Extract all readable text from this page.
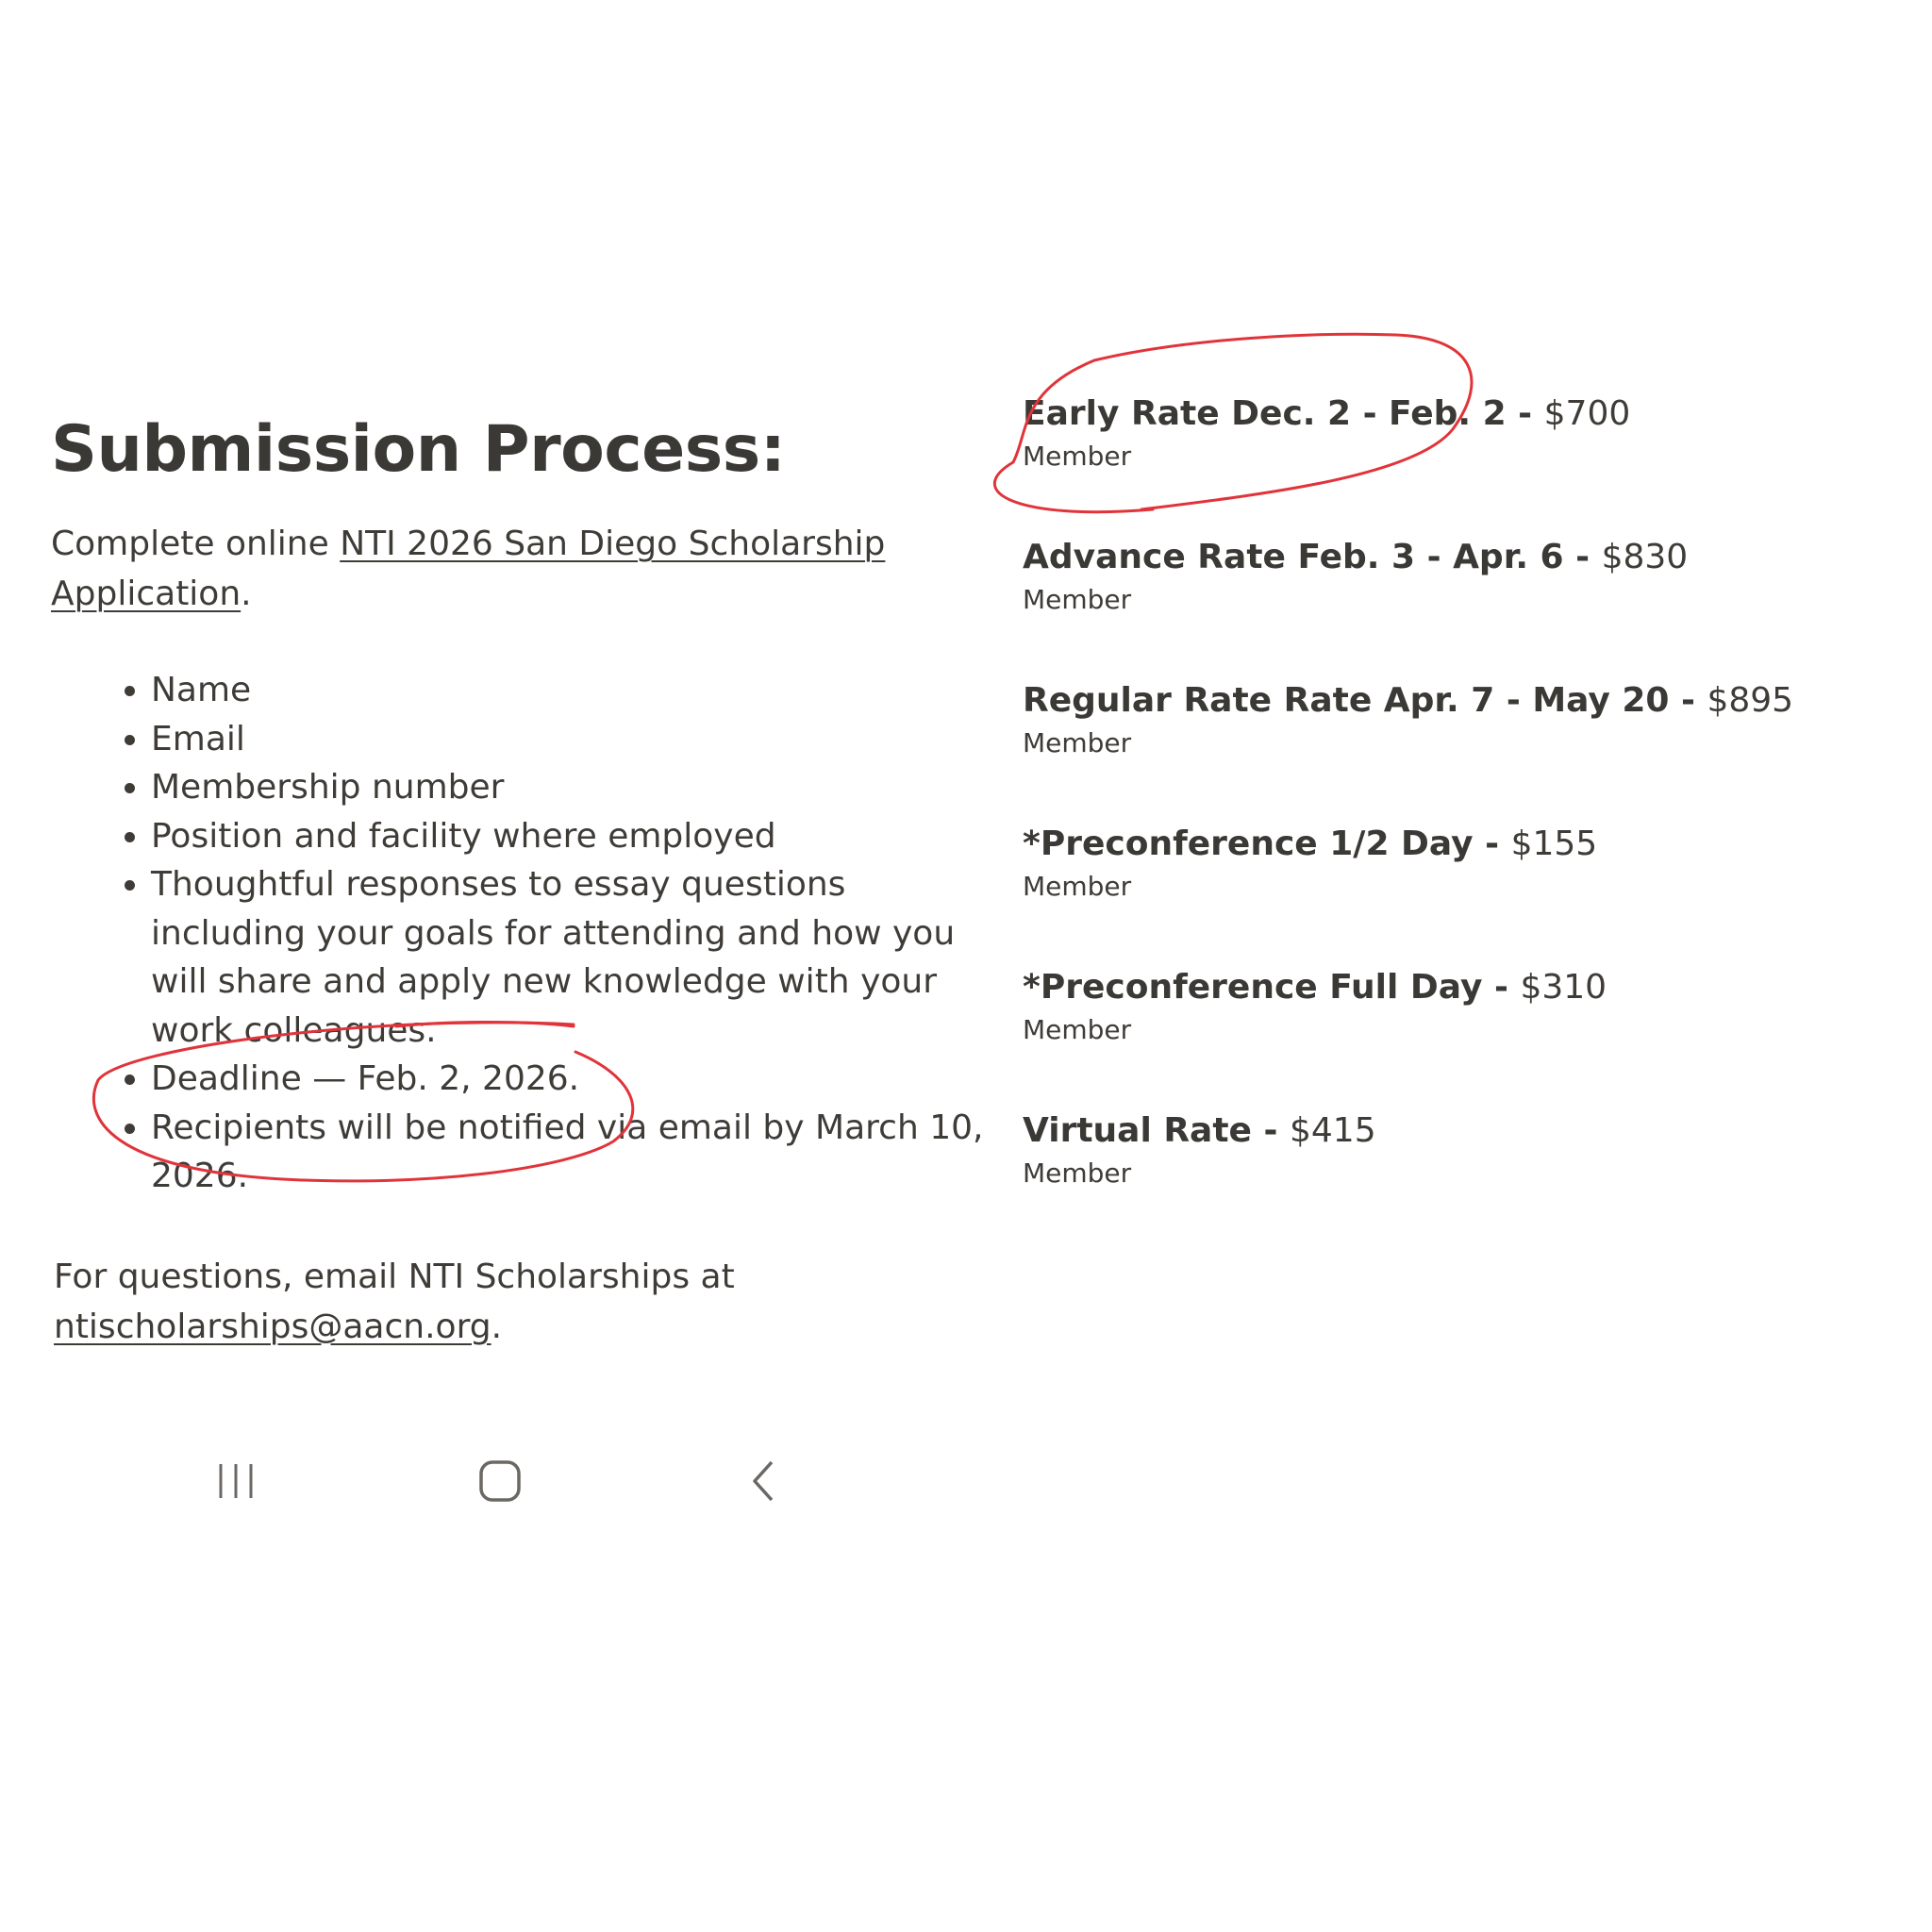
Submission Process:

Complete online NTI 2026 San Diego Scholarship Application.

• Name
• Email
• Membership number
• Position and facility where employed
• Thoughtful responses to essay questions including your goals for attending and how you will share and apply new knowledge with your work colleagues.
• Deadline — Feb. 2, 2026.
• Recipients will be notified via email by March 10, 2026.

For questions, email NTI Scholarships at ntischolarships@aacn.org.

Early Rate Dec. 2 - Feb. 2 - $700
Member
Advance Rate Feb. 3 - Apr. 6 - $830
Member
Regular Rate Rate Apr. 7 - May 20 - $895
Member
*Preconference 1/2 Day - $155
Member
*Preconference Full Day - $310
Member
Virtual Rate - $415
Member
